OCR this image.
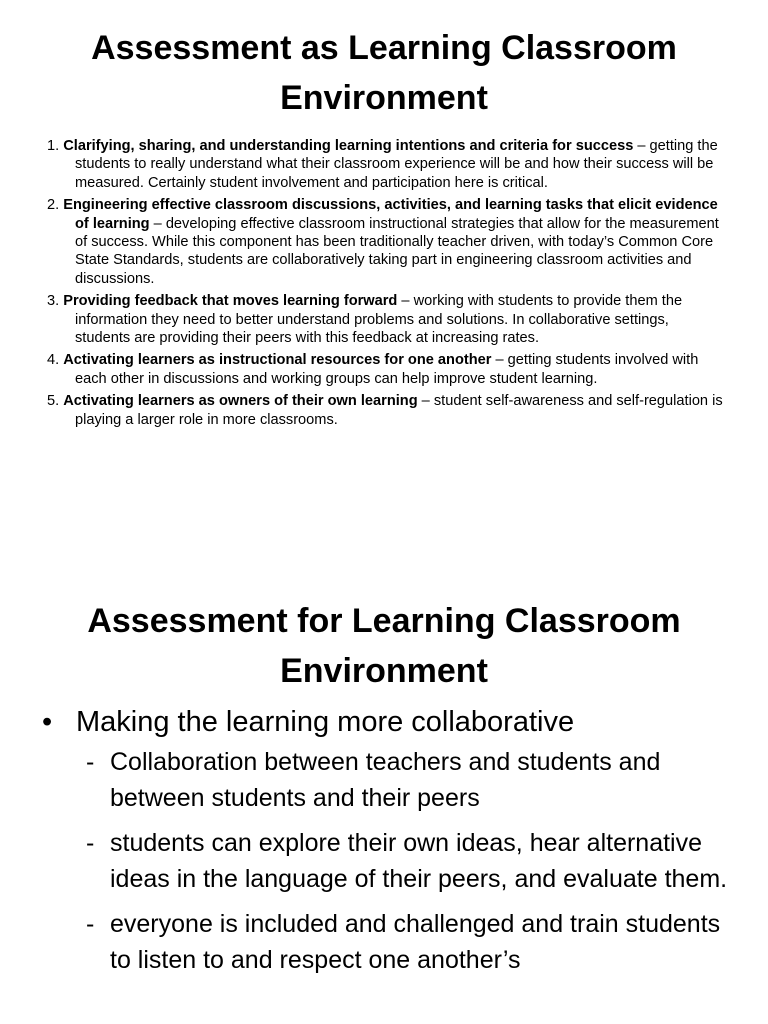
Assessment as Learning Classroom
Environment
1. Clarifying, sharing, and understanding learning intentions and criteria for success – getting the students to really understand what their classroom experience will be and how their success will be measured. Certainly student involvement and participation here is critical.
2. Engineering effective classroom discussions, activities, and learning tasks that elicit evidence of learning – developing effective classroom instructional strategies that allow for the measurement of success. While this component has been traditionally teacher driven, with today’s Common Core State Standards, students are collaboratively taking part in engineering classroom activities and discussions.
3. Providing feedback that moves learning forward – working with students to provide them the information they need to better understand problems and solutions. In collaborative settings, students are providing their peers with this feedback at increasing rates.
4. Activating learners as instructional resources for one another – getting students involved with each other in discussions and working groups can help improve student learning.
5. Activating learners as owners of their own learning – student self-awareness and self-regulation is playing a larger role in more classrooms.
Assessment for Learning Classroom
Environment
• Making the learning more collaborative
- Collaboration between teachers and students and between students and their peers
- students can explore their own ideas, hear alternative ideas in the language of their peers, and evaluate them.
- everyone is included and challenged and train students to listen to and respect one another’s
